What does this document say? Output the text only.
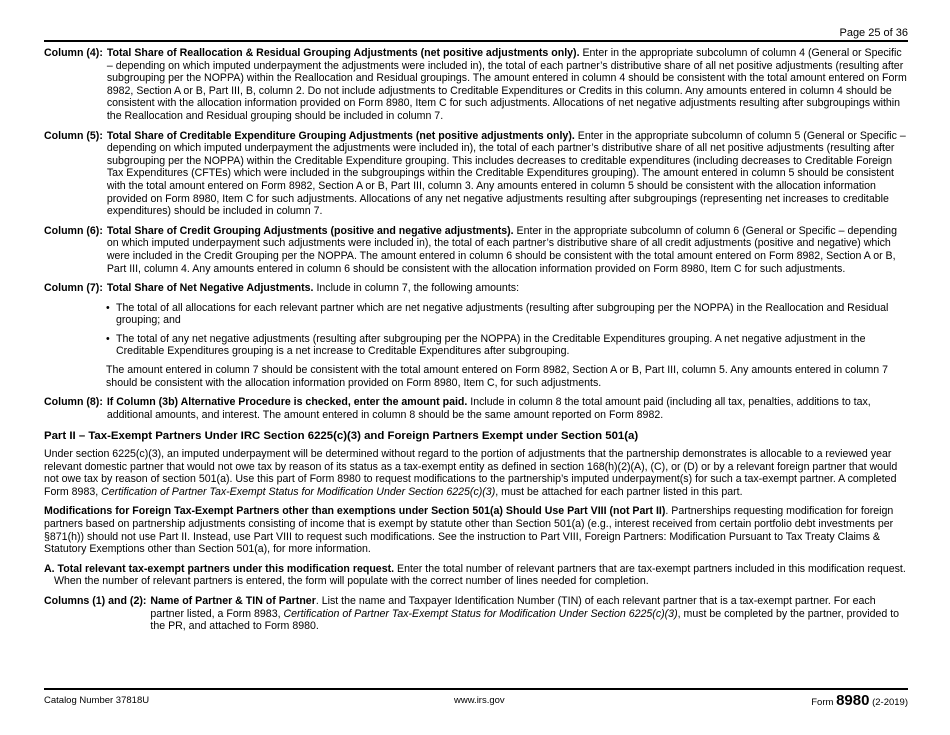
Page 25 of 36
Column (4): Total Share of Reallocation & Residual Grouping Adjustments (net positive adjustments only). Enter in the appropriate subcolumn of column 4 (General or Specific – depending on which imputed underpayment the adjustments were included in), the total of each partner’s distributive share of all net positive adjustments (resulting after subgrouping per the NOPPA) within the Reallocation and Residual groupings. The amount entered in column 4 should be consistent with the total amount entered on Form 8982, Section A or B, Part III, B, column 2. Do not include adjustments to Creditable Expenditures or Credits in this column. Any amounts entered in column 4 should be consistent with the allocation information provided on Form 8980, Item C for such adjustments. Allocations of net negative adjustments resulting after subgroupings within the Reallocation and Residual grouping should be included in column 7.
Column (5): Total Share of Creditable Expenditure Grouping Adjustments (net positive adjustments only). Enter in the appropriate subcolumn of column 5 (General or Specific – depending on which imputed underpayment the adjustments were included in), the total of each partner’s distributive share of all net positive adjustments (resulting after subgrouping per the NOPPA) within the Creditable Expenditure grouping. This includes decreases to creditable expenditures (including decreases to Creditable Foreign Tax Expenditures (CFTEs) which were included in the subgroupings within the Creditable Expenditures grouping). The amount entered in column 5 should be consistent with the total amount entered on Form 8982, Section A or B, Part III, column 3. Any amounts entered in column 5 should be consistent with the allocation information provided on Form 8980, Item C for such adjustments. Allocations of any net negative adjustments resulting after subgroupings (representing net increases to creditable expenditures) should be included in column 7.
Column (6): Total Share of Credit Grouping Adjustments (positive and negative adjustments). Enter in the appropriate subcolumn of column 6 (General or Specific – depending on which imputed underpayment such adjustments were included in), the total of each partner’s distributive share of all credit adjustments (positive and negative) which were included in the Credit Grouping per the NOPPA. The amount entered in column 6 should be consistent with the total amount entered on Form 8982, Section A or B, Part III, column 4. Any amounts entered in column 6 should be consistent with the allocation information provided on Form 8980, Item C for such adjustments.
Column (7): Total Share of Net Negative Adjustments. Include in column 7, the following amounts:
• The total of all allocations for each relevant partner which are net negative adjustments (resulting after subgrouping per the NOPPA) in the Reallocation and Residual grouping; and
• The total of any net negative adjustments (resulting after subgrouping per the NOPPA) in the Creditable Expenditures grouping. A net negative adjustment in the Creditable Expenditures grouping is a net increase to Creditable Expenditures after subgrouping.
The amount entered in column 7 should be consistent with the total amount entered on Form 8982, Section A or B, Part III, column 5. Any amounts entered in column 7 should be consistent with the allocation information provided on Form 8980, Item C, for such adjustments.
Column (8): If Column (3b) Alternative Procedure is checked, enter the amount paid. Include in column 8 the total amount paid (including all tax, penalties, additions to tax, additional amounts, and interest. The amount entered in column 8 should be the same amount reported on Form 8982.
Part II – Tax-Exempt Partners Under IRC Section 6225(c)(3) and Foreign Partners Exempt under Section 501(a)
Under section 6225(c)(3), an imputed underpayment will be determined without regard to the portion of adjustments that the partnership demonstrates is allocable to a reviewed year relevant domestic partner that would not owe tax by reason of its status as a tax-exempt entity as defined in section 168(h)(2)(A), (C), or (D) or by a relevant foreign partner that would not owe tax by reason of section 501(a). Use this part of Form 8980 to request modifications to the partnership’s imputed underpayment(s) for such a tax-exempt partner. A completed Form 8983, Certification of Partner Tax-Exempt Status for Modification Under Section 6225(c)(3), must be attached for each partner listed in this part.
Modifications for Foreign Tax-Exempt Partners other than exemptions under Section 501(a) Should Use Part VIII (not Part II). Partnerships requesting modification for foreign partners based on partnership adjustments consisting of income that is exempt by statute other than Section 501(a) (e.g., interest received from certain portfolio debt investments per §871(h)) should not use Part II. Instead, use Part VIII to request such modifications. See the instruction to Part VIII, Foreign Partners: Modification Pursuant to Tax Treaty Claims & Statutory Exemptions other than Section 501(a), for more information.
A. Total relevant tax-exempt partners under this modification request. Enter the total number of relevant partners that are tax-exempt partners included in this modification request. When the number of relevant partners is entered, the form will populate with the correct number of lines needed for completion.
Columns (1) and (2): Name of Partner & TIN of Partner. List the name and Taxpayer Identification Number (TIN) of each relevant partner that is a tax-exempt partner. For each partner listed, a Form 8983, Certification of Partner Tax-Exempt Status for Modification Under Section 6225(c)(3), must be completed by the partner, provided to the PR, and attached to Form 8980.
Catalog Number 37818U	www.irs.gov	Form 8980 (2-2019)
